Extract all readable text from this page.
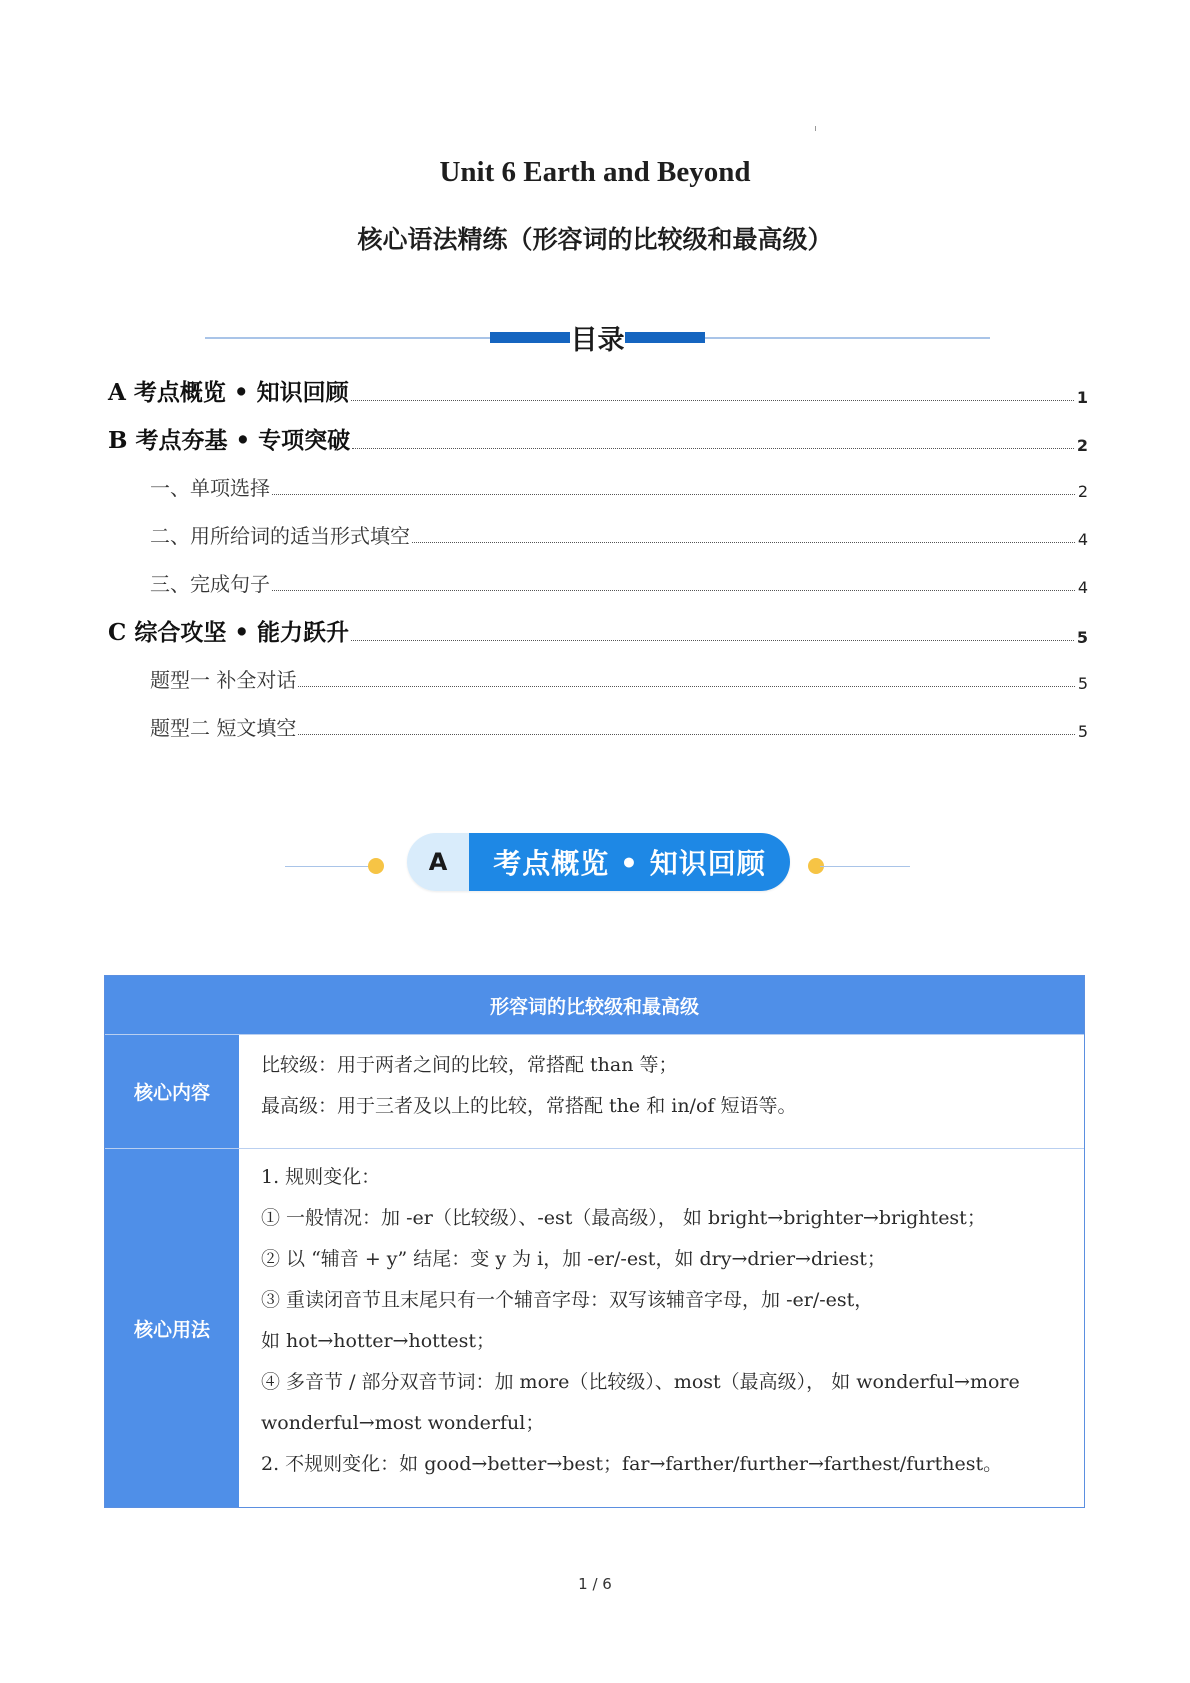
Unit 6 Earth and Beyond
核心语法精练（形容词的比较级和最高级）
目录
A 考点概览 • 知识回顾	1
B 考点夯基 • 专项突破	2
一、单项选择	2
二、用所给词的适当形式填空	4
三、完成句子	4
C 综合攻坚 • 能力跃升	5
题型一 补全对话	5
题型二 短文填空	5
A	考点概览 • 知识回顾
形容词的比较级和最高级
核心内容

比较级：用于两者之间的比较，常搭配 than 等；

最高级：用于三者及以上的比较，常搭配 the 和 in/of 短语等。

核心用法

1. 规则变化：

① 一般情况：加 -er（比较级）、-est（最高级）， 如 bright→brighter→brightest；

② 以 “辅音 + y” 结尾：变 y 为 i，加 -er/-est，如 dry→drier→driest；

③ 重读闭音节且末尾只有一个辅音字母：双写该辅音字母，加 -er/-est，

如 hot→hotter→hottest；

④ 多音节 / 部分双音节词：加 more（比较级）、most（最高级）， 如 wonderful→more

wonderful→most wonderful；

2. 不规则变化：如 good→better→best；far→farther/further→farthest/furthest。

1 / 6
